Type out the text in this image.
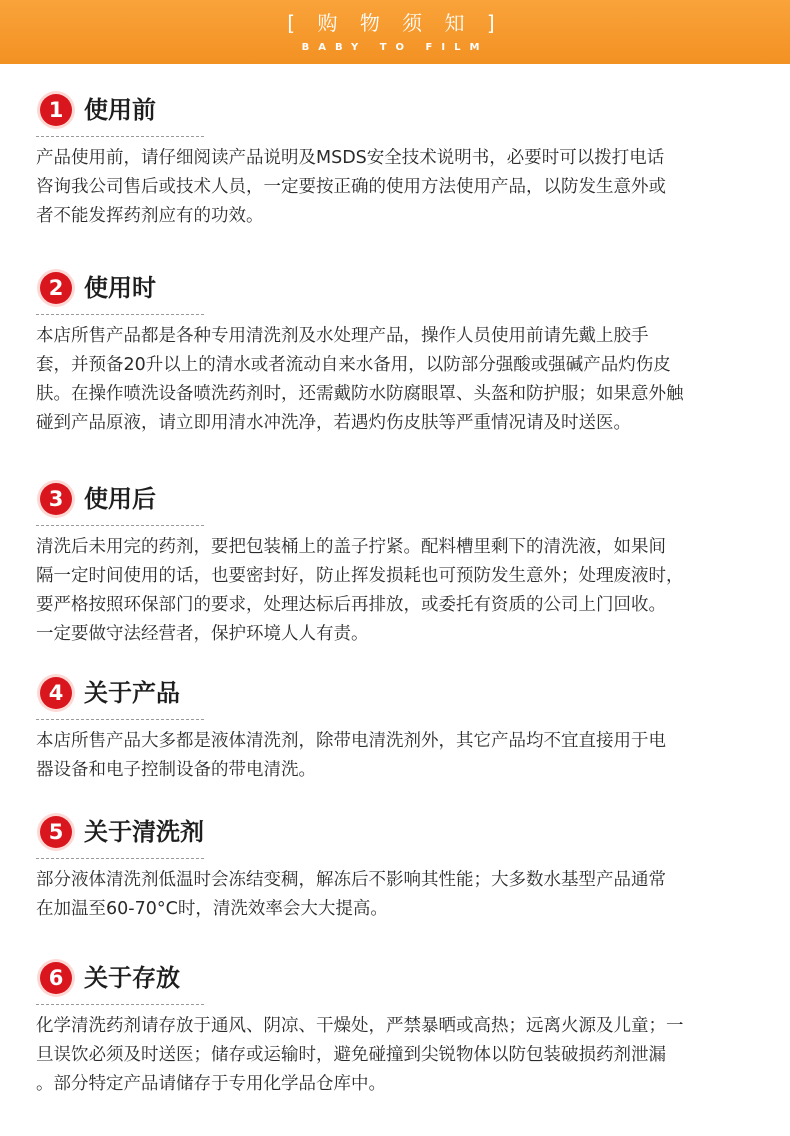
[ 购 物 须 知 ]
BABY TO FILM
1 使用前

产品使用前，请仔细阅读产品说明及MSDS安全技术说明书，必要时可以拨打电话

咨询我公司售后或技术人员，一定要按正确的使用方法使用产品，以防发生意外或

者不能发挥药剂应有的功效。

2 使用时

本店所售产品都是各种专用清洗剂及水处理产品，操作人员使用前请先戴上胶手

套，并预备20升以上的清水或者流动自来水备用，以防部分强酸或强碱产品灼伤皮

肤。在操作喷洗设备喷洗药剂时，还需戴防水防腐眼罩、头盔和防护服；如果意外触

碰到产品原液，请立即用清水冲洗净，若遇灼伤皮肤等严重情况请及时送医。

3 使用后

清洗后未用完的药剂，要把包装桶上的盖子拧紧。配料槽里剩下的清洗液，如果间

隔一定时间使用的话，也要密封好，防止挥发损耗也可预防发生意外；处理废液时，

要严格按照环保部门的要求，处理达标后再排放，或委托有资质的公司上门回收。

一定要做守法经营者，保护环境人人有责。

4 关于产品

本店所售产品大多都是液体清洗剂，除带电清洗剂外，其它产品均不宜直接用于电

器设备和电子控制设备的带电清洗。

5 关于清洗剂

部分液体清洗剂低温时会冻结变稠，解冻后不影响其性能；大多数水基型产品通常

在加温至60-70°C时，清洗效率会大大提高。

6 关于存放

化学清洗药剂请存放于通风、阴凉、干燥处，严禁暴晒或高热；远离火源及儿童；一

旦误饮必须及时送医；储存或运输时，避免碰撞到尖锐物体以防包装破损药剂泄漏

。部分特定产品请储存于专用化学品仓库中。
